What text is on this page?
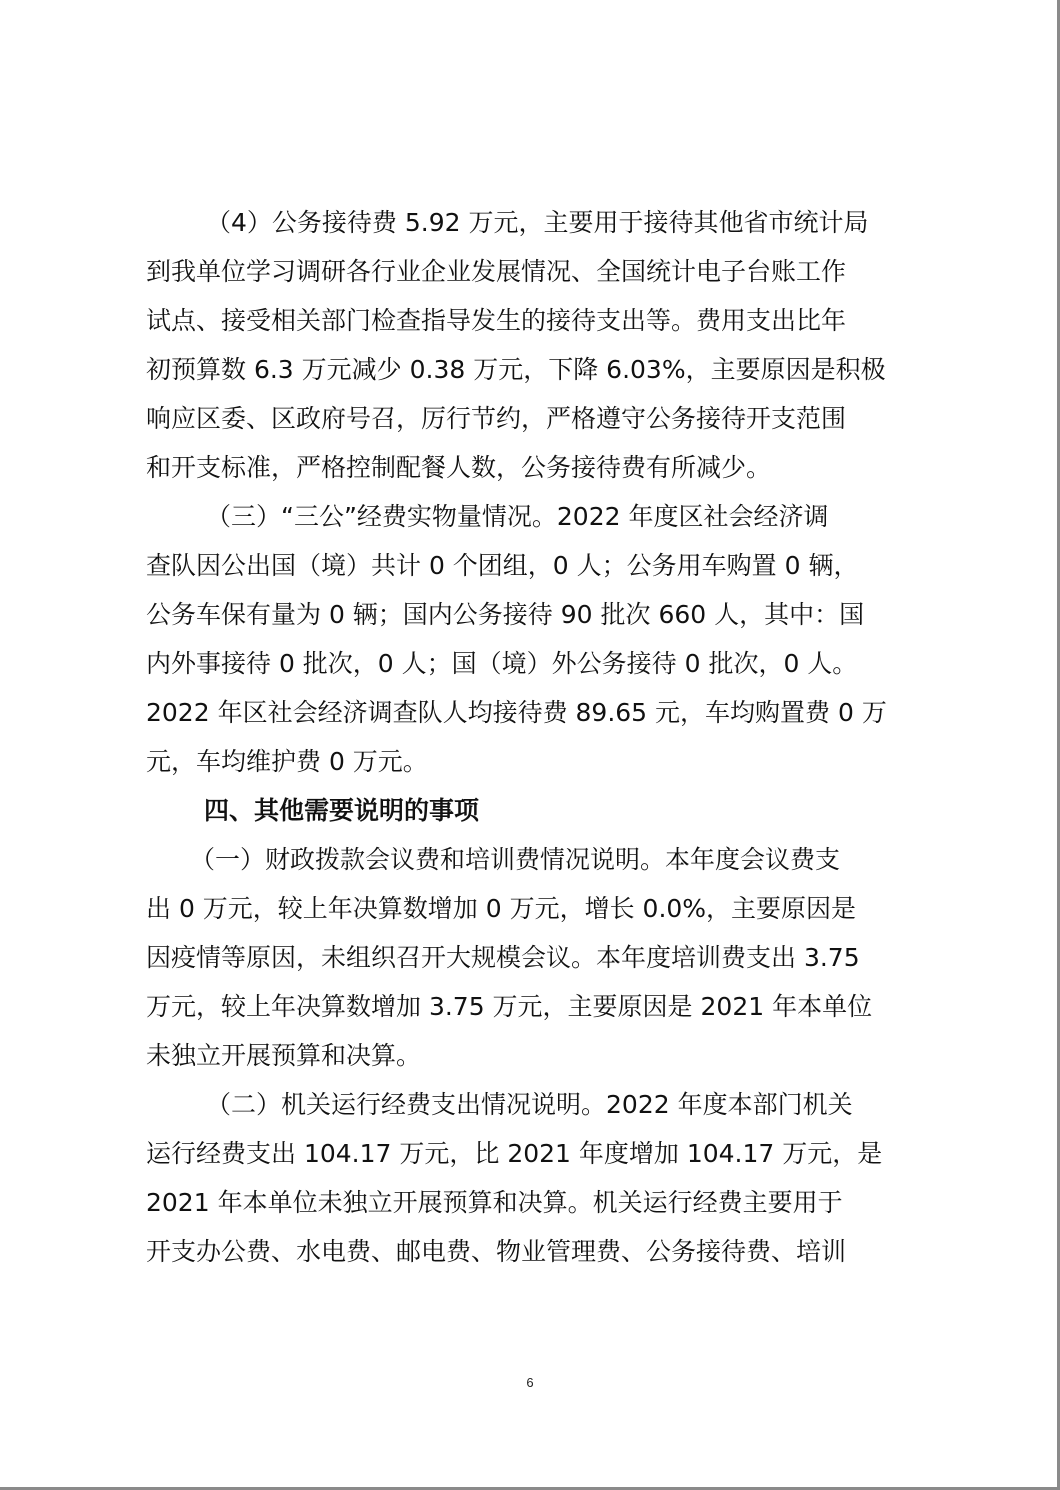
（4）公务接待费 5.92 万元，主要用于接待其他省市统计局
到我单位学习调研各行业企业发展情况、全国统计电子台账工作
试点、接受相关部门检查指导发生的接待支出等。费用支出比年
初预算数 6.3 万元减少 0.38 万元，下降 6.03%，主要原因是积极
响应区委、区政府号召，厉行节约，严格遵守公务接待开支范围
和开支标准，严格控制配餐人数，公务接待费有所减少。

（三）“三公”经费实物量情况。2022 年度区社会经济调
查队因公出国（境）共计 0 个团组，0 人；公务用车购置 0 辆，
公务车保有量为 0 辆；国内公务接待 90 批次 660 人，其中：国
内外事接待 0 批次，0 人；国（境）外公务接待 0 批次，0 人。
2022 年区社会经济调查队人均接待费 89.65 元，车均购置费 0 万
元，车均维护费 0 万元。

四、其他需要说明的事项

（一）财政拨款会议费和培训费情况说明。本年度会议费支
出 0 万元，较上年决算数增加 0 万元，增长 0.0%，主要原因是
因疫情等原因，未组织召开大规模会议。本年度培训费支出 3.75
万元，较上年决算数增加 3.75 万元，主要原因是 2021 年本单位
未独立开展预算和决算。

（二）机关运行经费支出情况说明。2022 年度本部门机关
运行经费支出 104.17 万元，比 2021 年度增加 104.17 万元，是
2021 年本单位未独立开展预算和决算。机关运行经费主要用于
开支办公费、水电费、邮电费、物业管理费、公务接待费、培训

6
